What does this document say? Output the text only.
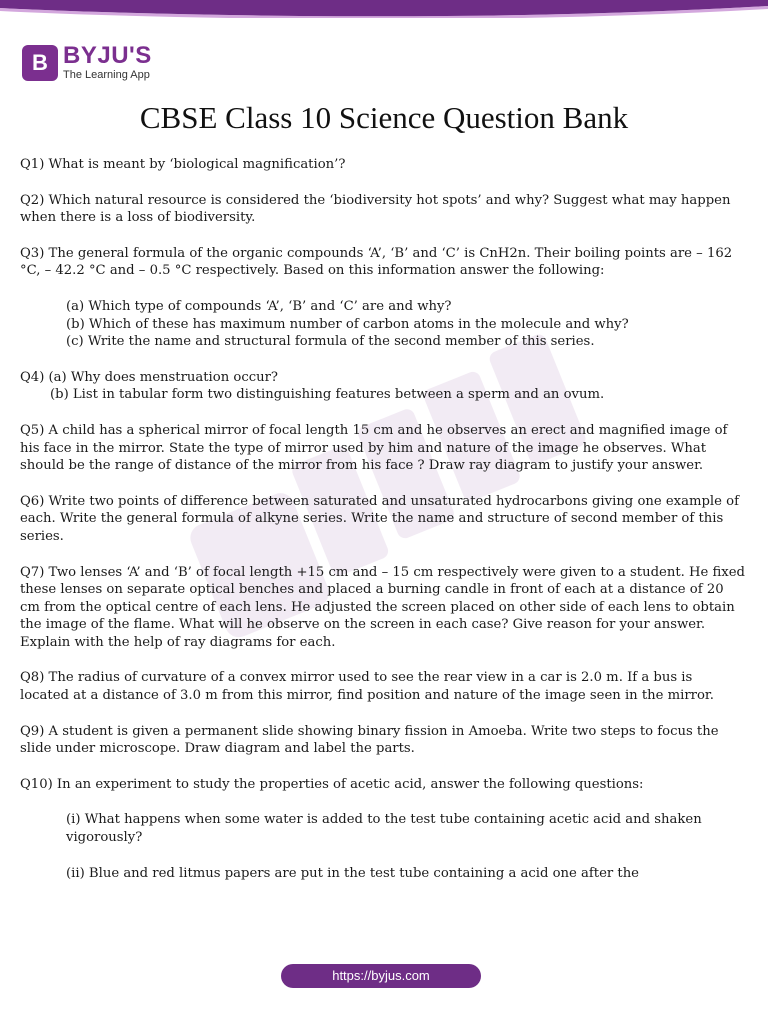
B BYJU'S
The Learning App
CBSE Class 10 Science Question Bank

Q1) What is meant by ‘biological magnification’?

Q2) Which natural resource is considered the ‘biodiversity hot spots’ and why? Suggest what may happen when there is a loss of biodiversity.

Q3) The general formula of the organic compounds ‘A’, ‘B’ and ‘C’ is CnH2n. Their boiling points are – 162 °C, – 42.2 °C and – 0.5 °C respectively. Based on this information answer the following:

(a) Which type of compounds ‘A’, ‘B’ and ‘C’ are and why?

(b) Which of these has maximum number of carbon atoms in the molecule and why?

(c) Write the name and structural formula of the second member of this series.

Q4) (a) Why does menstruation occur?

(b) List in tabular form two distinguishing features between a sperm and an ovum.

Q5) A child has a spherical mirror of focal length 15 cm and he observes an erect and magnified image of his face in the mirror. State the type of mirror used by him and nature of the image he observes. What should be the range of distance of the mirror from his face ? Draw ray diagram to justify your answer.

Q6) Write two points of difference between saturated and unsaturated hydrocarbons giving one example of each. Write the general formula of alkyne series. Write the name and structure of second member of this series.

Q7) Two lenses ‘A’ and ‘B’ of focal length +15 cm and – 15 cm respectively were given to a student. He fixed these lenses on separate optical benches and placed a burning candle in front of each at a distance of 20 cm from the optical centre of each lens. He adjusted the screen placed on other side of each lens to obtain the image of the flame. What will he observe on the screen in each case? Give reason for your answer. Explain with the help of ray diagrams for each.

Q8) The radius of curvature of a convex mirror used to see the rear view in a car is 2.0 m. If a bus is located at a distance of 3.0 m from this mirror, find position and nature of the image seen in the mirror.

Q9) A student is given a permanent slide showing binary fission in Amoeba. Write two steps to focus the slide under microscope. Draw diagram and label the parts.

Q10) In an experiment to study the properties of acetic acid, answer the following questions:

(i) What happens when some water is added to the test tube containing acetic acid and shaken vigorously?

(ii) Blue and red litmus papers are put in the test tube containing a acid one after the

https://byjus.com
